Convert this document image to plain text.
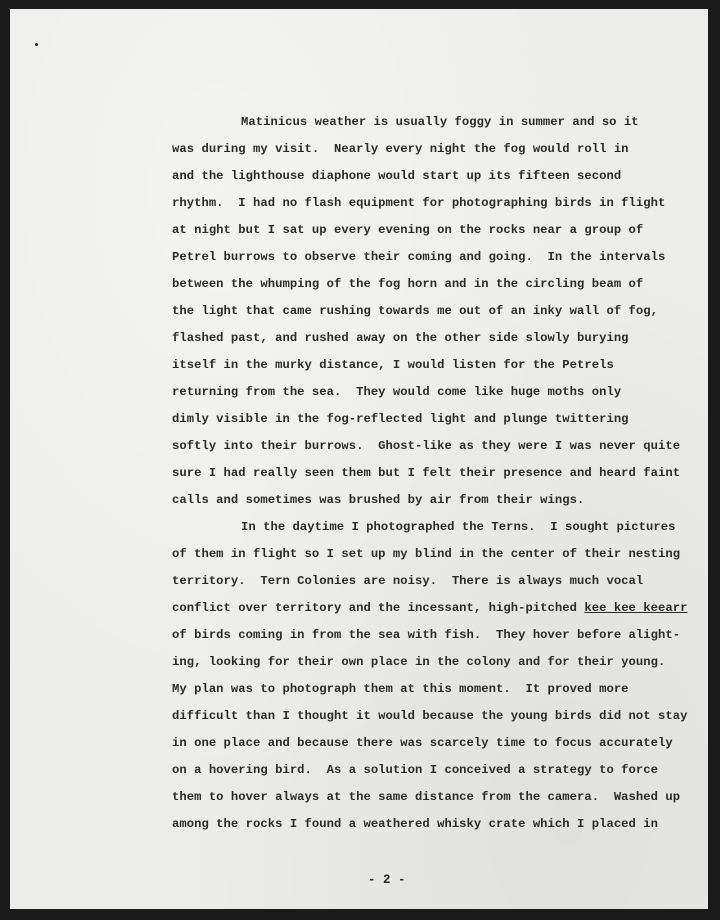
Matinicus weather is usually foggy in summer and so it
was during my visit.  Nearly every night the fog would roll in
and the lighthouse diaphone would start up its fifteen second
rhythm.  I had no flash equipment for photographing birds in flight
at night but I sat up every evening on the rocks near a group of
Petrel burrows to observe their coming and going.  In the intervals
between the whumping of the fog horn and in the circling beam of
the light that came rushing towards me out of an inky wall of fog,
flashed past, and rushed away on the other side slowly burying
itself in the murky distance, I would listen for the Petrels
returning from the sea.  They would come like huge moths only
dimly visible in the fog-reflected light and plunge twittering
softly into their burrows.  Ghost-like as they were I was never quite
sure I had really seen them but I felt their presence and heard faint
calls and sometimes was brushed by air from their wings.
In the daytime I photographed the Terns.  I sought pictures
of them in flight so I set up my blind in the center of their nesting
territory.  Tern Colonies are noisy.  There is always much vocal
conflict over territory and the incessant, high-pitched kee kee keearr
of birds coming in from the sea with fish.  They hover before alight-
ing, looking for their own place in the colony and for their young.
My plan was to photograph them at this moment.  It proved more
difficult than I thought it would because the young birds did not stay
in one place and because there was scarcely time to focus accurately
on a hovering bird.  As a solution I conceived a strategy to force
them to hover always at the same distance from the camera.  Washed up
among the rocks I found a weathered whisky crate which I placed in
- 2 -
